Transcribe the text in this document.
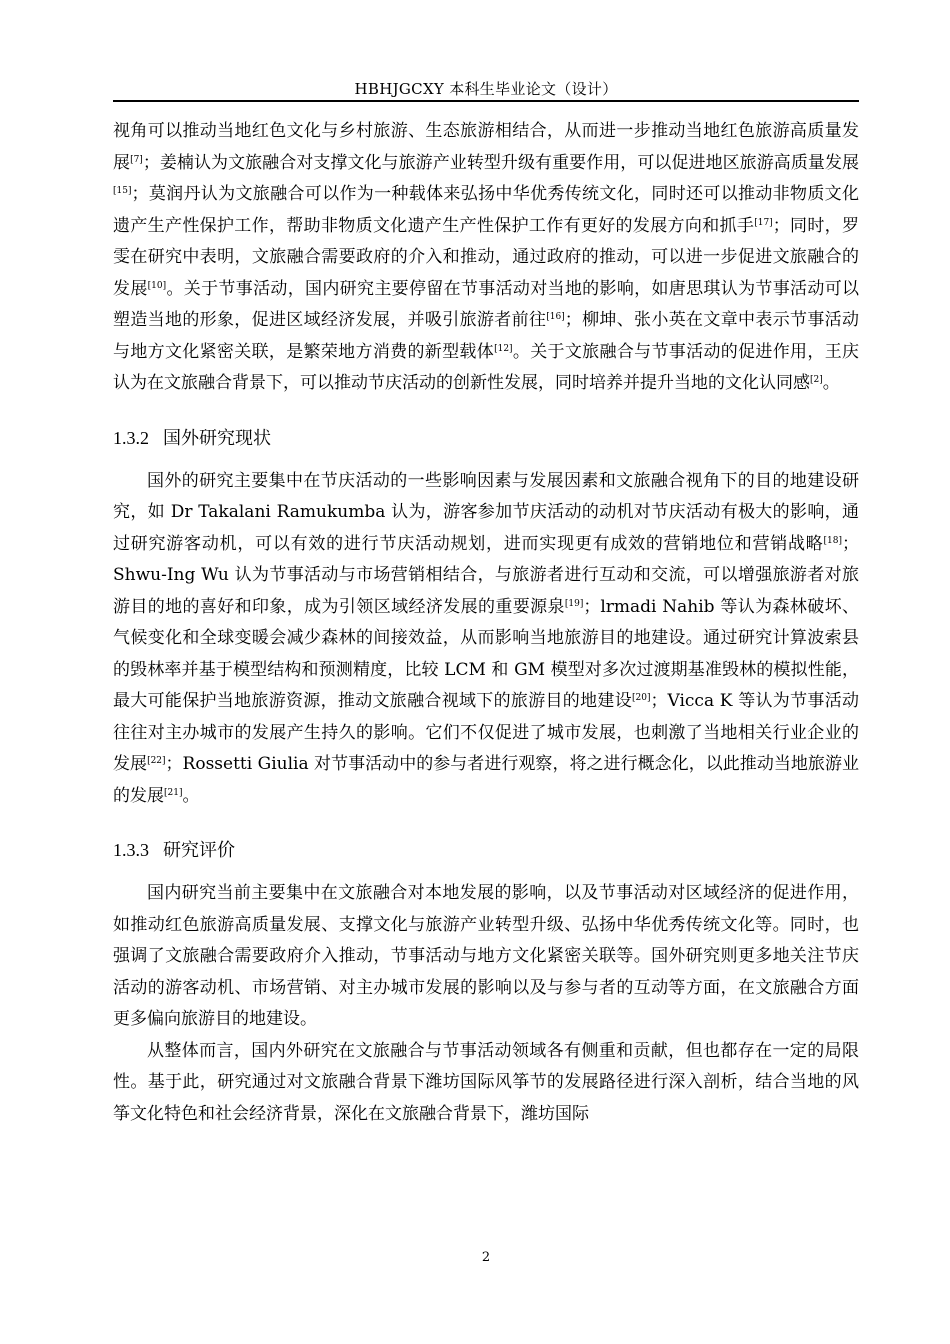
HBHJGCXY 本科生毕业论文（设计）

视角可以推动当地红色文化与乡村旅游、生态旅游相结合，从而进一步推动当地红色旅游高质量发展[7]；姜楠认为文旅融合对支撑文化与旅游产业转型升级有重要作用，可以促进地区旅游高质量发展[15]；莫润丹认为文旅融合可以作为一种载体来弘扬中华优秀传统文化，同时还可以推动非物质文化遗产生产性保护工作，帮助非物质文化遗产生产性保护工作有更好的发展方向和抓手[17]；同时，罗雯在研究中表明，文旅融合需要政府的介入和推动，通过政府的推动，可以进一步促进文旅融合的发展[10]。关于节事活动，国内研究主要停留在节事活动对当地的影响，如唐思琪认为节事活动可以塑造当地的形象，促进区域经济发展，并吸引旅游者前往[16]；柳坤、张小英在文章中表示节事活动与地方文化紧密关联，是繁荣地方消费的新型载体[12]。关于文旅融合与节事活动的促进作用，王庆认为在文旅融合背景下，可以推动节庆活动的创新性发展，同时培养并提升当地的文化认同感[2]。

1.3.2 国外研究现状

国外的研究主要集中在节庆活动的一些影响因素与发展因素和文旅融合视角下的目的地建设研究，如 Dr Takalani Ramukumba 认为，游客参加节庆活动的动机对节庆活动有极大的影响，通过研究游客动机，可以有效的进行节庆活动规划，进而实现更有成效的营销地位和营销战略[18]；Shwu-Ing Wu 认为节事活动与市场营销相结合，与旅游者进行互动和交流，可以增强旅游者对旅游目的地的喜好和印象，成为引领区域经济发展的重要源泉[19]；lrmadi Nahib 等认为森林破坏、气候变化和全球变暖会减少森林的间接效益，从而影响当地旅游目的地建设。通过研究计算波索县的毁林率并基于模型结构和预测精度，比较 LCM 和 GM 模型对多次过渡期基准毁林的模拟性能，最大可能保护当地旅游资源，推动文旅融合视域下的旅游目的地建设[20]；Vicca K 等认为节事活动往往对主办城市的发展产生持久的影响。它们不仅促进了城市发展，也刺激了当地相关行业企业的发展[22]；Rossetti Giulia 对节事活动中的参与者进行观察，将之进行概念化，以此推动当地旅游业的发展[21]。

1.3.3 研究评价

国内研究当前主要集中在文旅融合对本地发展的影响，以及节事活动对区域经济的促进作用，如推动红色旅游高质量发展、支撑文化与旅游产业转型升级、弘扬中华优秀传统文化等。同时，也强调了文旅融合需要政府介入推动，节事活动与地方文化紧密关联等。国外研究则更多地关注节庆活动的游客动机、市场营销、对主办城市发展的影响以及与参与者的互动等方面，在文旅融合方面更多偏向旅游目的地建设。

从整体而言，国内外研究在文旅融合与节事活动领域各有侧重和贡献，但也都存在一定的局限性。基于此，研究通过对文旅融合背景下潍坊国际风筝节的发展路径进行深入剖析，结合当地的风筝文化特色和社会经济背景，深化在文旅融合背景下，潍坊国际

2
